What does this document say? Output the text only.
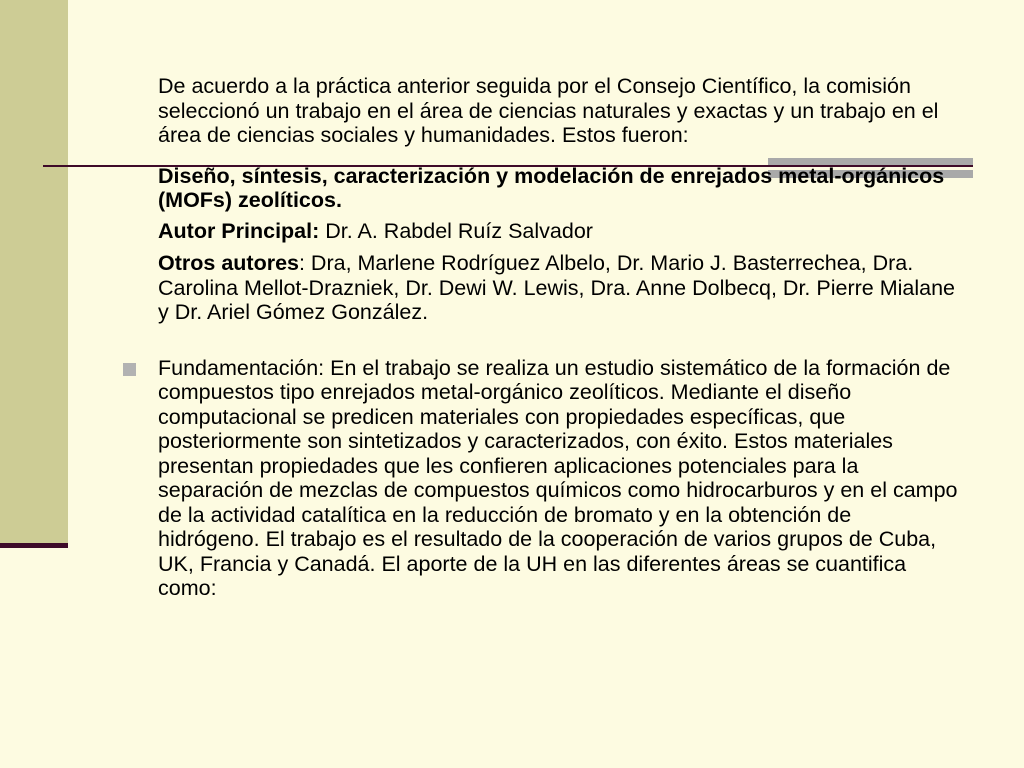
De acuerdo a la práctica anterior seguida por el Consejo Científico, la comisión seleccionó un trabajo en el área de ciencias naturales y exactas y un trabajo en el área de ciencias sociales y humanidades. Estos fueron:

Diseño, síntesis, caracterización y modelación de enrejados metal-orgánicos (MOFs) zeolíticos.

Autor Principal: Dr. A. Rabdel Ruíz Salvador

Otros autores: Dra, Marlene Rodríguez Albelo, Dr. Mario J. Basterrechea, Dra. Carolina Mellot-Drazniek, Dr. Dewi W. Lewis, Dra. Anne Dolbecq, Dr. Pierre Mialane y Dr. Ariel Gómez González.

Fundamentación: En el trabajo se realiza un estudio sistemático de la formación de compuestos tipo enrejados metal-orgánico zeolíticos. Mediante el diseño computacional se predicen materiales con propiedades específicas, que posteriormente son sintetizados y caracterizados, con éxito. Estos materiales presentan propiedades que les confieren aplicaciones potenciales para la separación de mezclas de compuestos químicos como hidrocarburos y en el campo de la actividad catalítica en la reducción de bromato y en la obtención de hidrógeno. El trabajo es el resultado de la cooperación de varios grupos de Cuba, UK, Francia y Canadá. El aporte de la UH en las diferentes áreas se cuantifica como:
